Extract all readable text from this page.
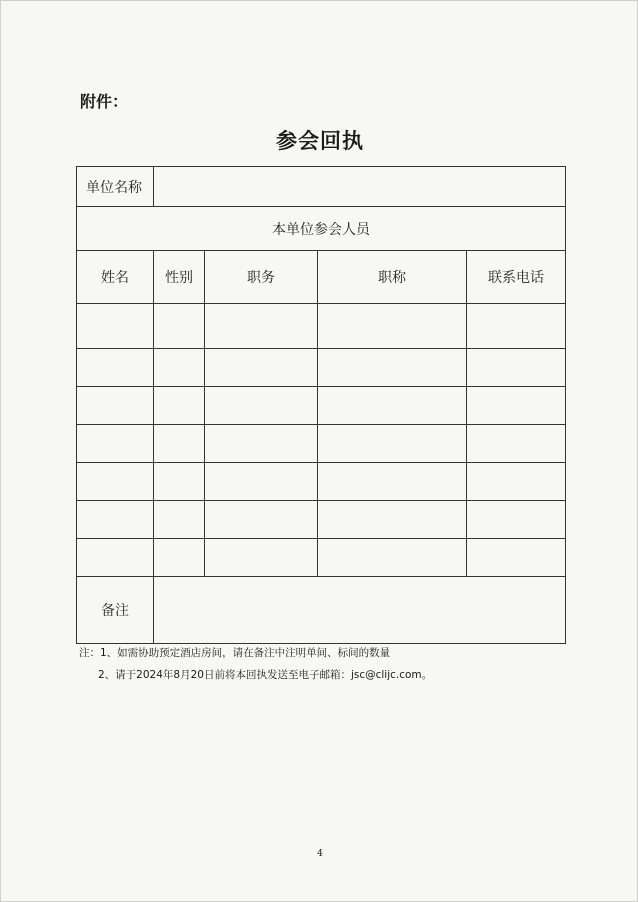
附件：
参会回执
单位名称				
本单位参会人员				
姓名	性别	职务	职称	联系电话

备注				
注：1、如需协助预定酒店房间，请在备注中注明单间、标间的数量
2、请于2024年8月20日前将本回执发送至电子邮箱：jsc@clijc.com。
4
